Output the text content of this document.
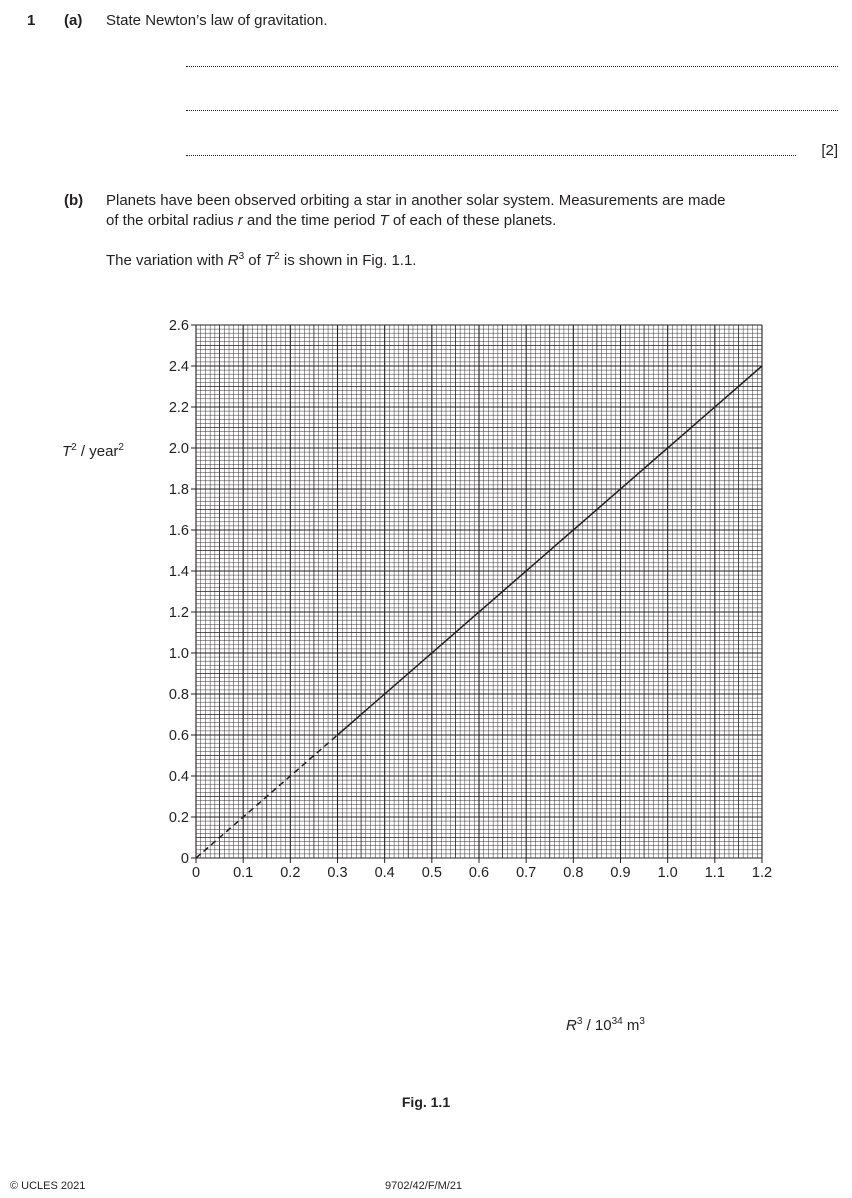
1 (a) State Newton’s law of gravitation.
[2]
(b) Planets have been observed orbiting a star in another solar system. Measurements are made
of the orbital radius r and the time period T of each of these planets.
The variation with $R^3$ of $T^2$ is shown in Fig. 1.1.
$T^2$ / year$^2$
$R^3 / 10^{34}$ $m^3$
0 0.1 0.2 0.3 0.4 0.5 0.6 0.7 0.8 0.9 1.0 1.1 1.2
0
0.2
0.4
0.6
0.8
1.0
1.2
1.4
1.6
1.8
2.0
2.2
2.4
2.6
Fig. 1.1
© UCLES 2021	9702/42/F/M/21
